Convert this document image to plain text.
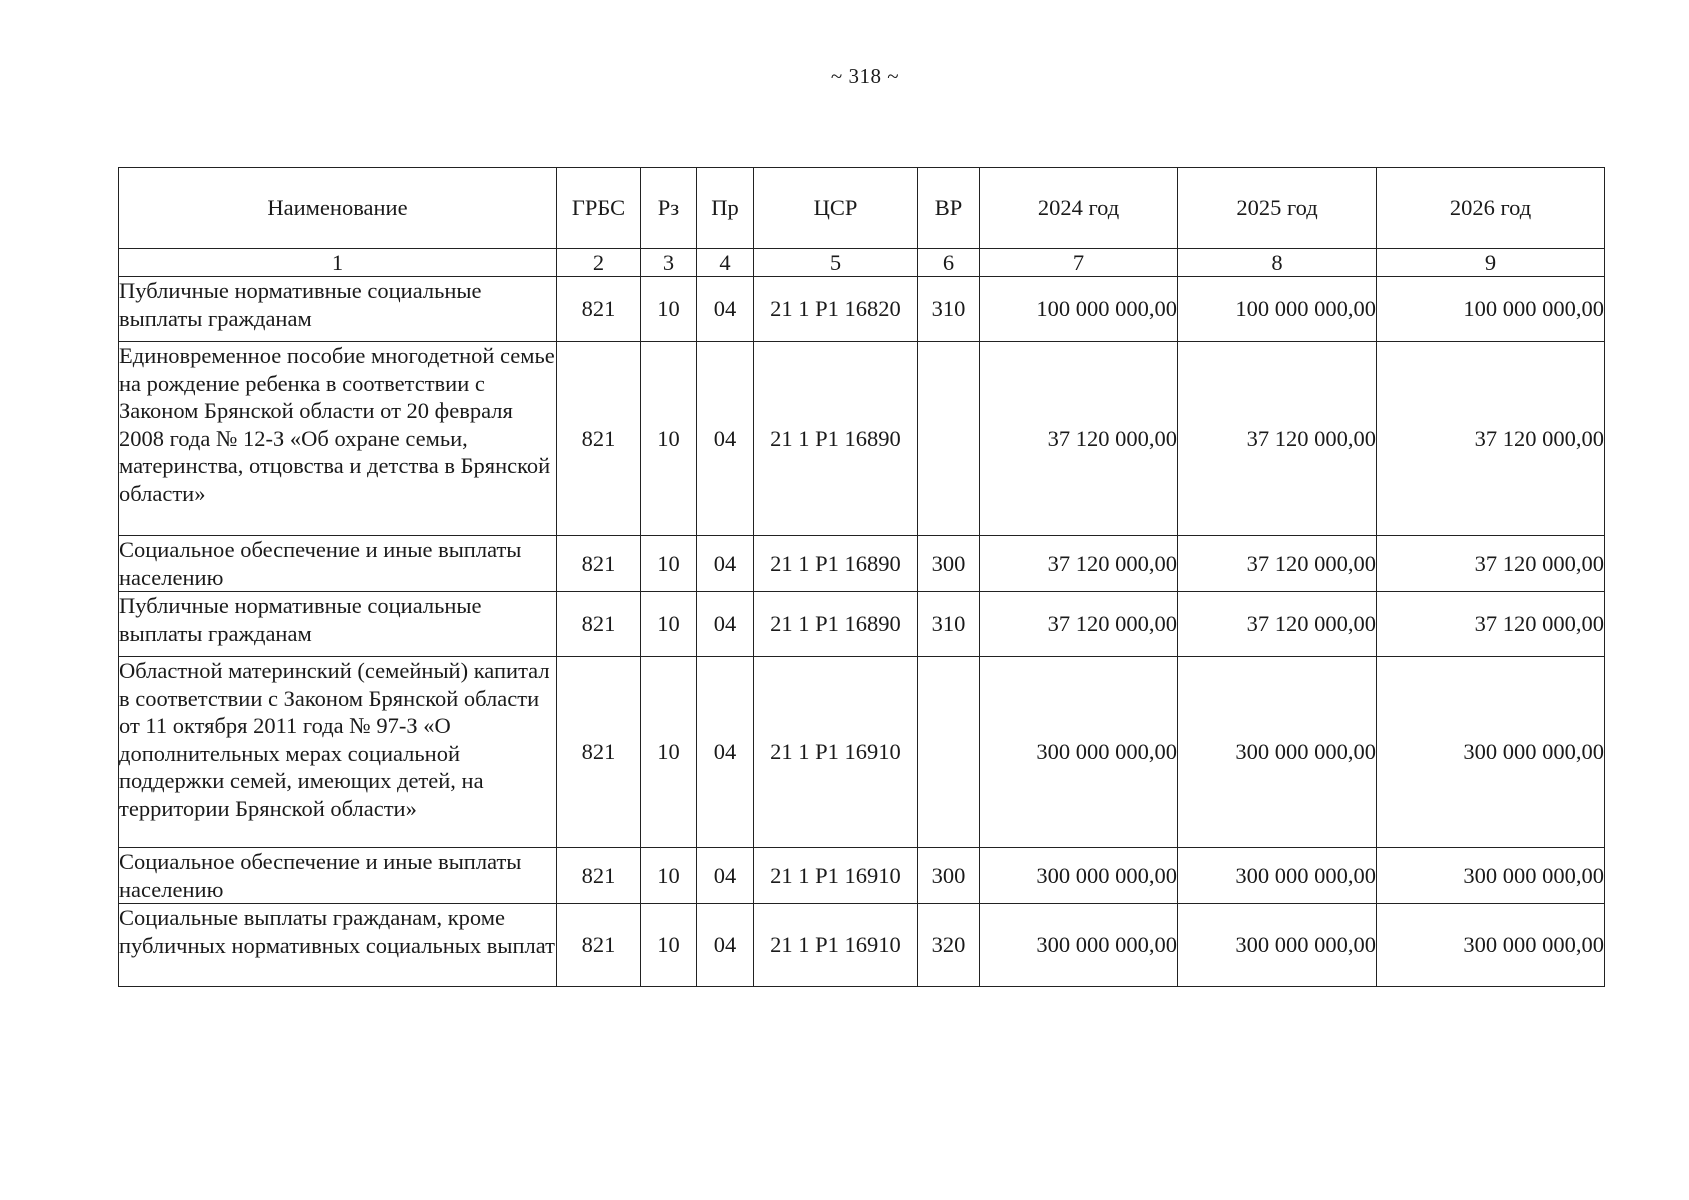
~ 318 ~
Наименование	ГРБС	Рз	Пр	ЦСР	ВР	2024 год	2025 год	2026 год
1	2	3	4	5	6	7	8	9
Публичные нормативные социальные выплаты гражданам	821	10	04	21 1 Р1 16820	310	100 000 000,00	100 000 000,00	100 000 000,00
Единовременное пособие многодетной семье на рождение ребенка в соответствии с Законом Брянской области от 20 февраля 2008 года № 12-З «Об охране семьи, материнства, отцовства и детства в Брянской области»	821	10	04	21 1 Р1 16890		37 120 000,00	37 120 000,00	37 120 000,00
Социальное обеспечение и иные выплаты населению	821	10	04	21 1 Р1 16890	300	37 120 000,00	37 120 000,00	37 120 000,00
Публичные нормативные социальные выплаты гражданам	821	10	04	21 1 Р1 16890	310	37 120 000,00	37 120 000,00	37 120 000,00
Областной материнский (семейный) капитал в соответствии с Законом Брянской области от 11 октября 2011 года № 97-З «О дополнительных мерах социальной поддержки семей, имеющих детей, на территории Брянской области»	821	10	04	21 1 Р1 16910		300 000 000,00	300 000 000,00	300 000 000,00
Социальное обеспечение и иные выплаты населению	821	10	04	21 1 Р1 16910	300	300 000 000,00	300 000 000,00	300 000 000,00
Социальные выплаты гражданам, кроме публичных нормативных социальных выплат	821	10	04	21 1 Р1 16910	320	300 000 000,00	300 000 000,00	300 000 000,00
